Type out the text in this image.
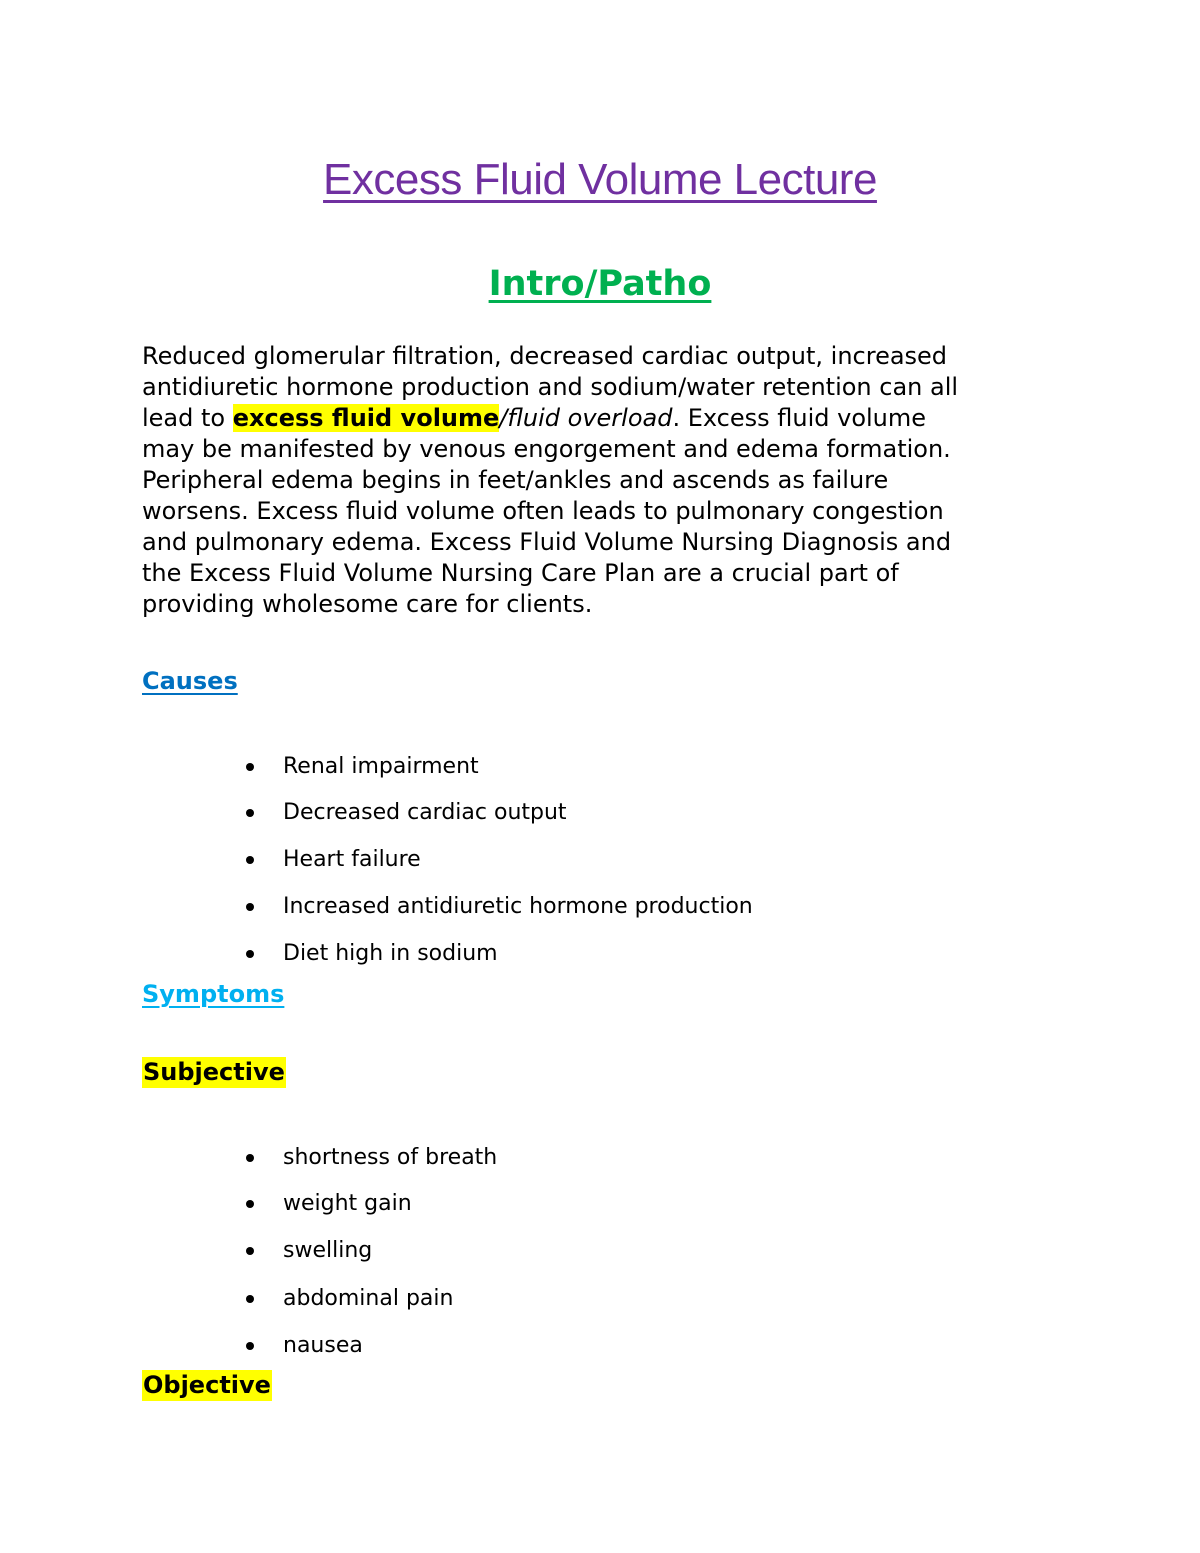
Excess Fluid Volume Lecture
Intro/Patho

Reduced glomerular filtration, decreased cardiac output, increased
antidiuretic hormone production and sodium/water retention can all
lead to excess fluid volume/fluid overload. Excess fluid volume
may be manifested by venous engorgement and edema formation.
Peripheral edema begins in feet/ankles and ascends as failure
worsens. Excess fluid volume often leads to pulmonary congestion
and pulmonary edema. Excess Fluid Volume Nursing Diagnosis and
the Excess Fluid Volume Nursing Care Plan are a crucial part of
providing wholesome care for clients.

Causes
Renal impairment
Decreased cardiac output
Heart failure
Increased antidiuretic hormone production
Diet high in sodium
Symptoms
Subjective
shortness of breath
weight gain
swelling
abdominal pain
nausea
Objective
